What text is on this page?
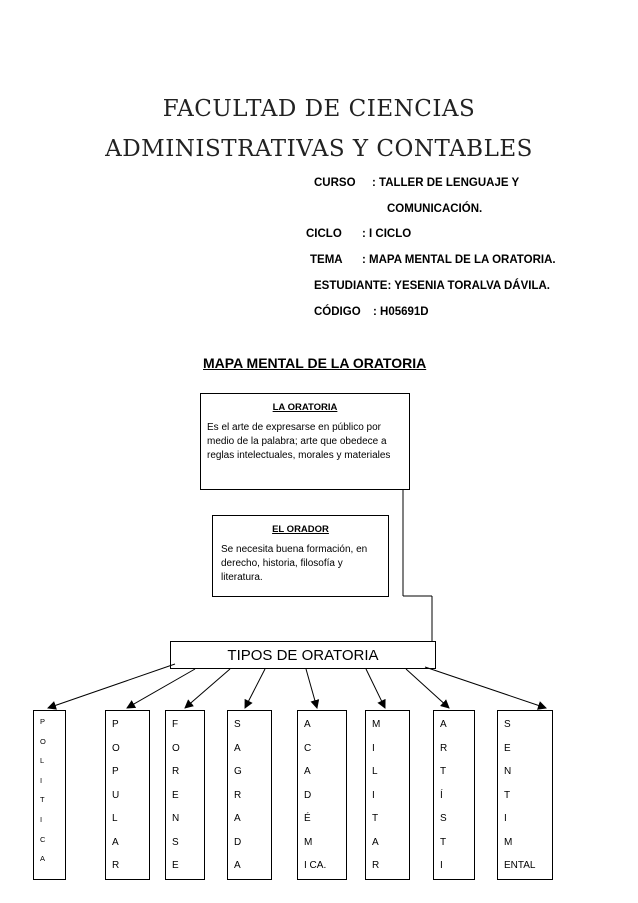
FACULTAD DE CIENCIAS
ADMINISTRATIVAS Y CONTABLES
CURSO : TALLER DE LENGUAJE Y
COMUNICACIÓN.
CICLO : I CICLO
TEMA : MAPA MENTAL DE LA ORATORIA.
ESTUDIANTE: YESENIA TORALVA DÁVILA.
CÓDIGO : H05691D
MAPA MENTAL DE LA ORATORIA
LA ORATORIA
Es el arte de expresarse en público por medio de la palabra; arte que obedece a reglas intelectuales, morales y materiales
EL ORADOR
Se necesita buena formación, en derecho, historia, filosofía y literatura.
TIPOS DE ORATORIA
P
O
L
I
T
I
C
A
P
O
P
U
L
A
R
F
O
R
E
N
S
E
S
A
G
R
A
D
A
A
C
A
D
É
M
I CA.
M
I
L
I
T
A
R
A
R
T
Í
S
T
I
S
E
N
T
I
M
ENTAL
